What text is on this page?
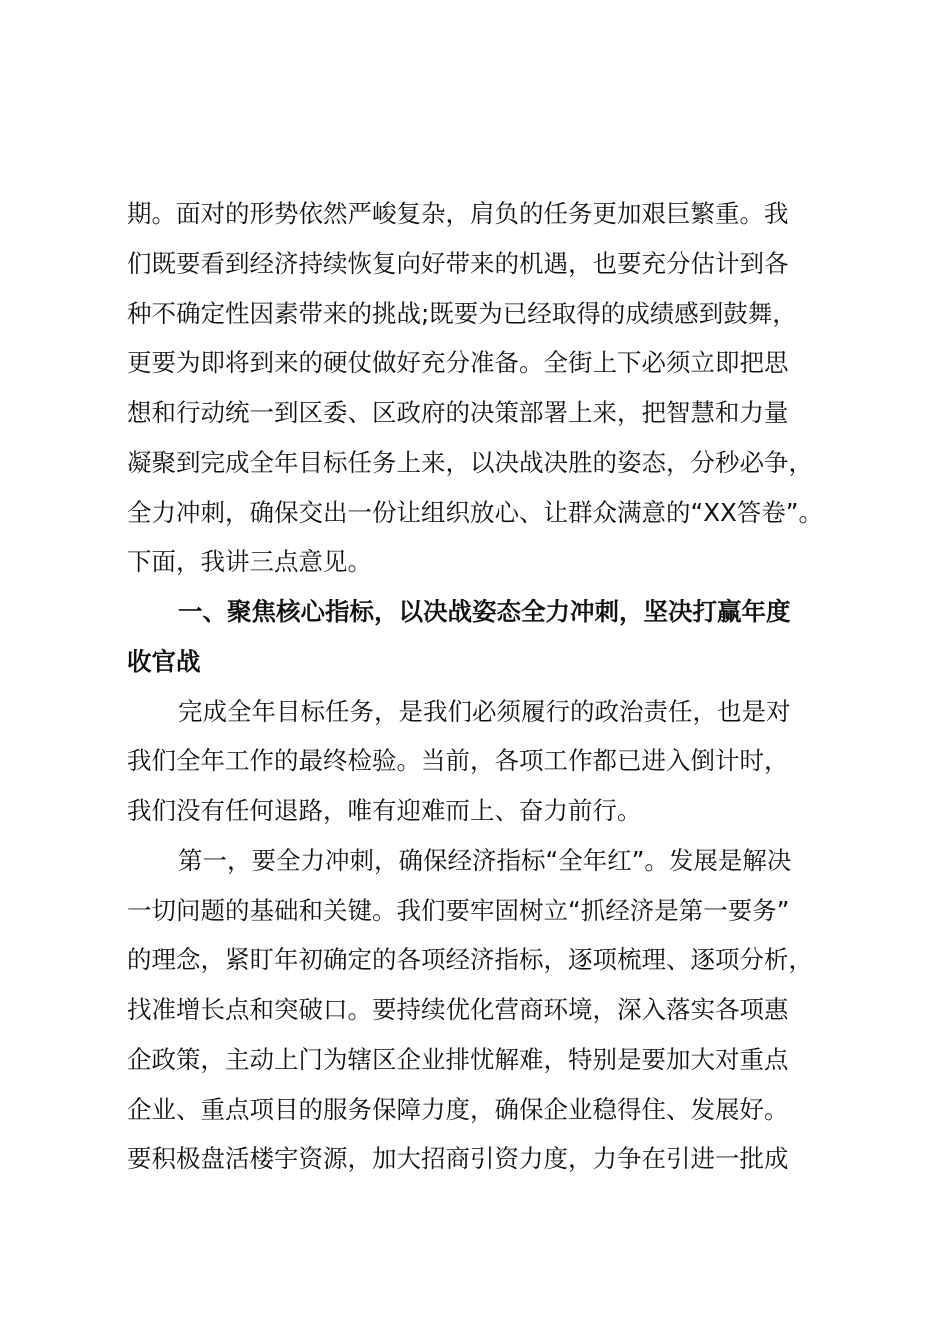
期。面对的形势依然严峻复杂，肩负的任务更加艰巨繁重。我
们既要看到经济持续恢复向好带来的机遇，也要充分估计到各
种不确定性因素带来的挑战;既要为已经取得的成绩感到鼓舞，
更要为即将到来的硬仗做好充分准备。全街上下必须立即把思
想和行动统一到区委、区政府的决策部署上来，把智慧和力量
凝聚到完成全年目标任务上来，以决战决胜的姿态，分秒必争，
全力冲刺，确保交出一份让组织放心、让群众满意的“XX答卷”。
下面，我讲三点意见。
一、聚焦核心指标，以决战姿态全力冲刺，坚决打赢年度
收官战
完成全年目标任务，是我们必须履行的政治责任，也是对
我们全年工作的最终检验。当前，各项工作都已进入倒计时，
我们没有任何退路，唯有迎难而上、奋力前行。
第一，要全力冲刺，确保经济指标“全年红”。发展是解决
一切问题的基础和关键。我们要牢固树立“抓经济是第一要务”
的理念，紧盯年初确定的各项经济指标，逐项梳理、逐项分析，
找准增长点和突破口。要持续优化营商环境，深入落实各项惠
企政策，主动上门为辖区企业排忧解难，特别是要加大对重点
企业、重点项目的服务保障力度，确保企业稳得住、发展好。
要积极盘活楼宇资源，加大招商引资力度，力争在引进一批成
